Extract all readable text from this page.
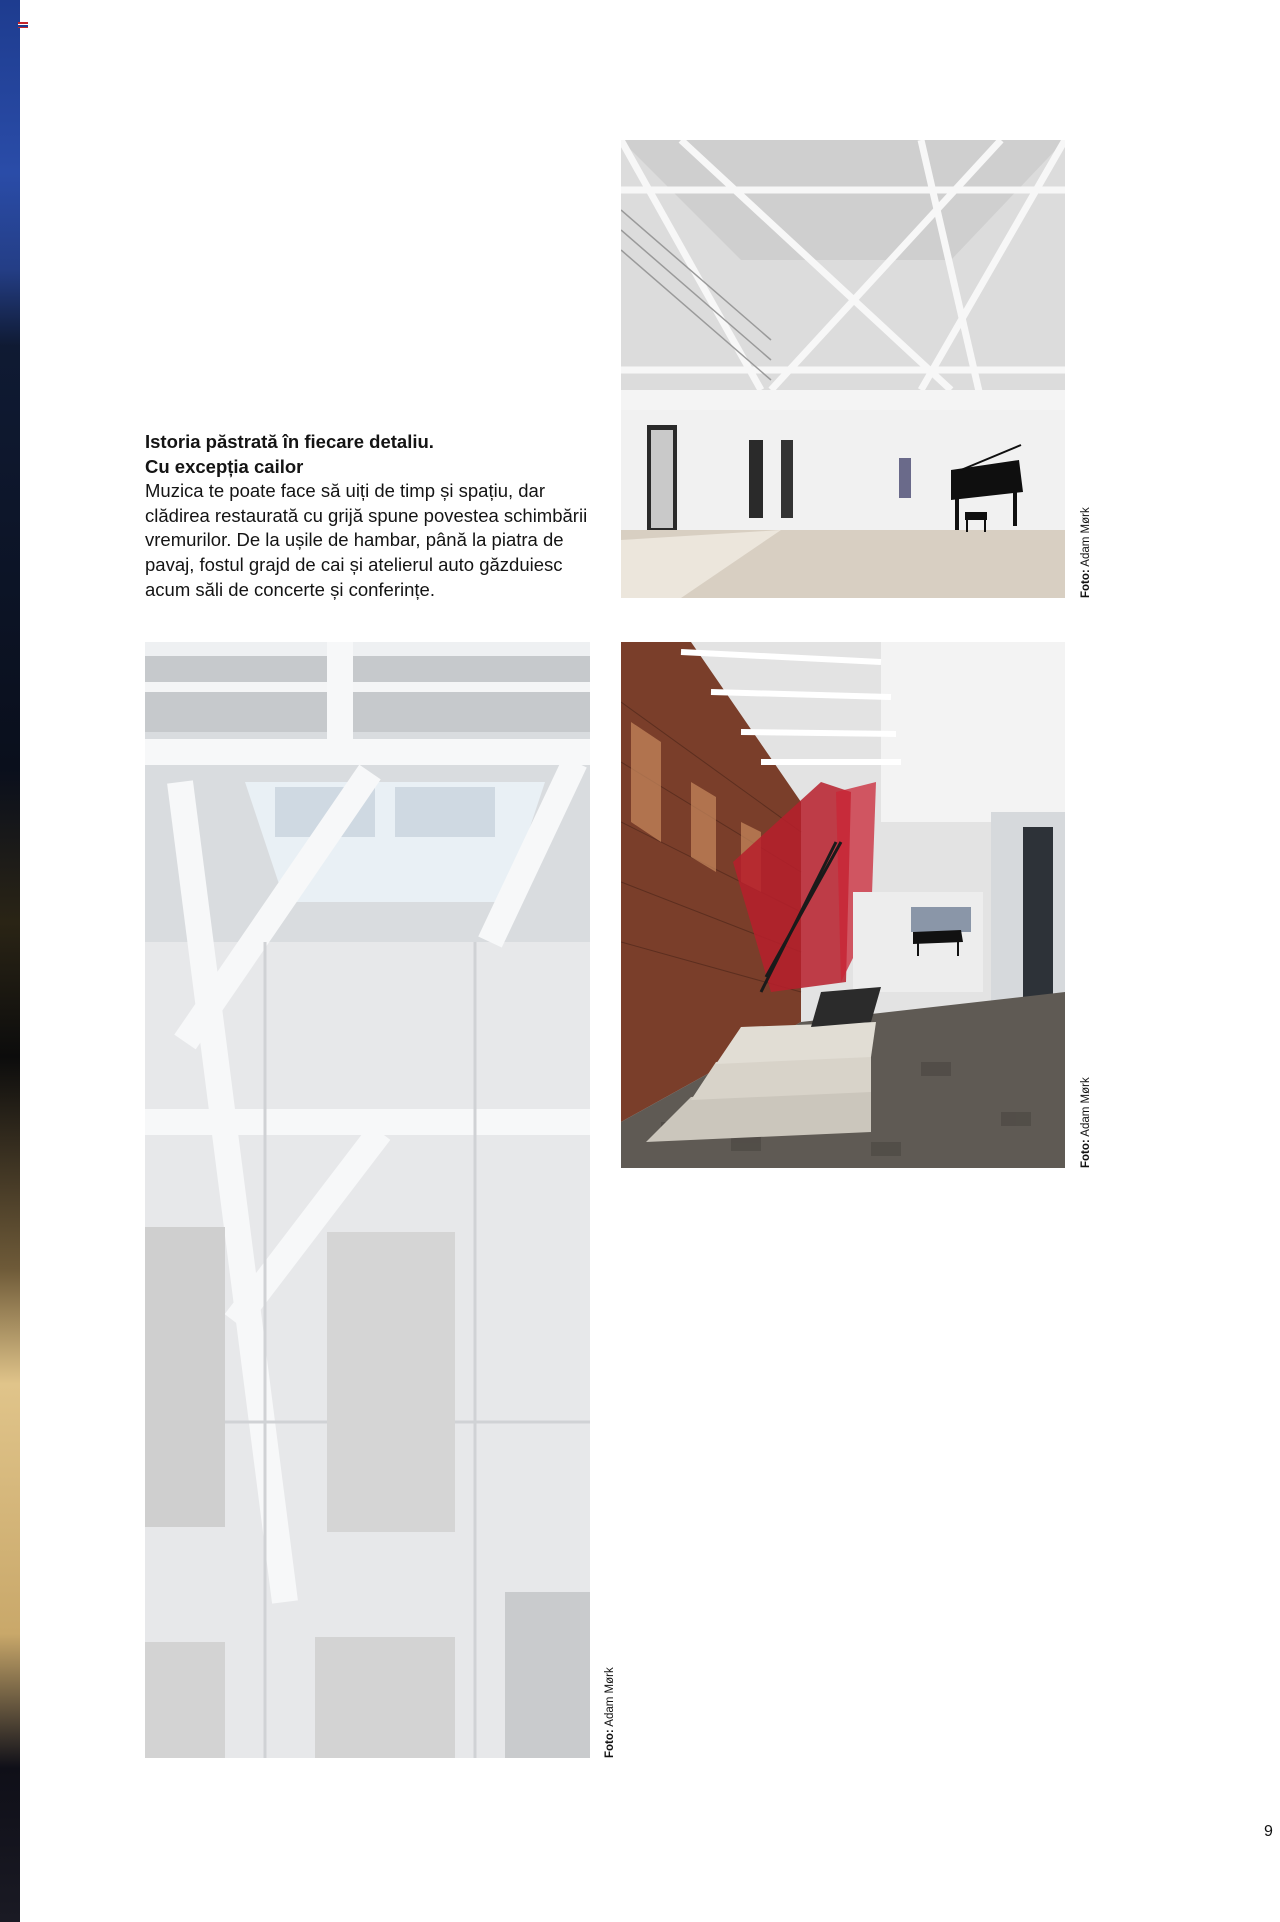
Istoria păstrată în fiecare detaliu.
Cu excepția cailor
Muzica te poate face să uiți de timp și spațiu, dar clădirea restaurată cu grijă spune povestea schimbării vremurilor. De la ușile de hambar, până la piatra de pavaj, fostul grajd de cai și atelierul auto găzduiesc acum săli de concerte și conferințe.	Foto: Adam Mørk
Foto: Adam Mørk
Foto: Adam Mørk
9
